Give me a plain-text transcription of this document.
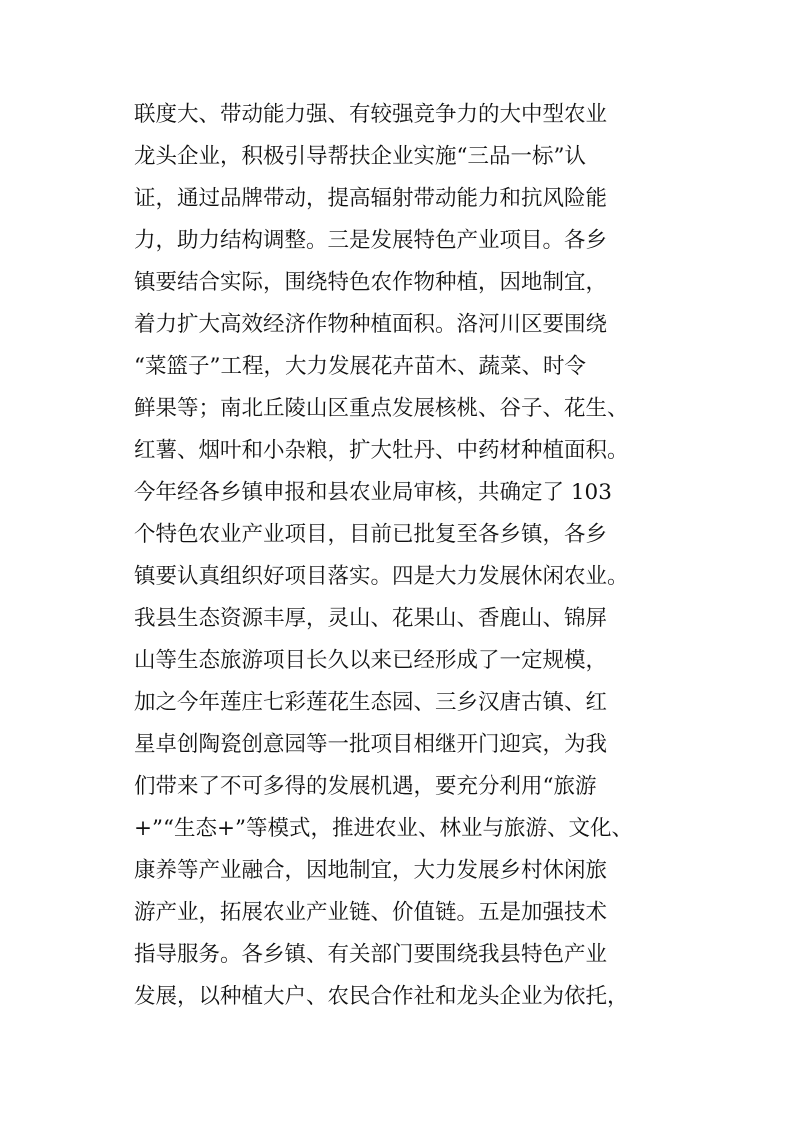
联度大、带动能力强、有较强竞争力的大中型农业
龙头企业，积极引导帮扶企业实施“三品一标”认
证，通过品牌带动，提高辐射带动能力和抗风险能
力，助力结构调整。三是发展特色产业项目。各乡
镇要结合实际，围绕特色农作物种植，因地制宜，
着力扩大高效经济作物种植面积。洛河川区要围绕
“菜篮子”工程，大力发展花卉苗木、蔬菜、时令
鲜果等；南北丘陵山区重点发展核桃、谷子、花生、
红薯、烟叶和小杂粮，扩大牡丹、中药材种植面积。
今年经各乡镇申报和县农业局审核，共确定了 103
个特色农业产业项目，目前已批复至各乡镇，各乡
镇要认真组织好项目落实。四是大力发展休闲农业。
我县生态资源丰厚，灵山、花果山、香鹿山、锦屏
山等生态旅游项目长久以来已经形成了一定规模，
加之今年莲庄七彩莲花生态园、三乡汉唐古镇、红
星卓创陶瓷创意园等一批项目相继开门迎宾，为我
们带来了不可多得的发展机遇，要充分利用“旅游
+”“生态+”等模式，推进农业、林业与旅游、文化、
康养等产业融合，因地制宜，大力发展乡村休闲旅
游产业，拓展农业产业链、价值链。五是加强技术
指导服务。各乡镇、有关部门要围绕我县特色产业
发展，以种植大户、农民合作社和龙头企业为依托，
